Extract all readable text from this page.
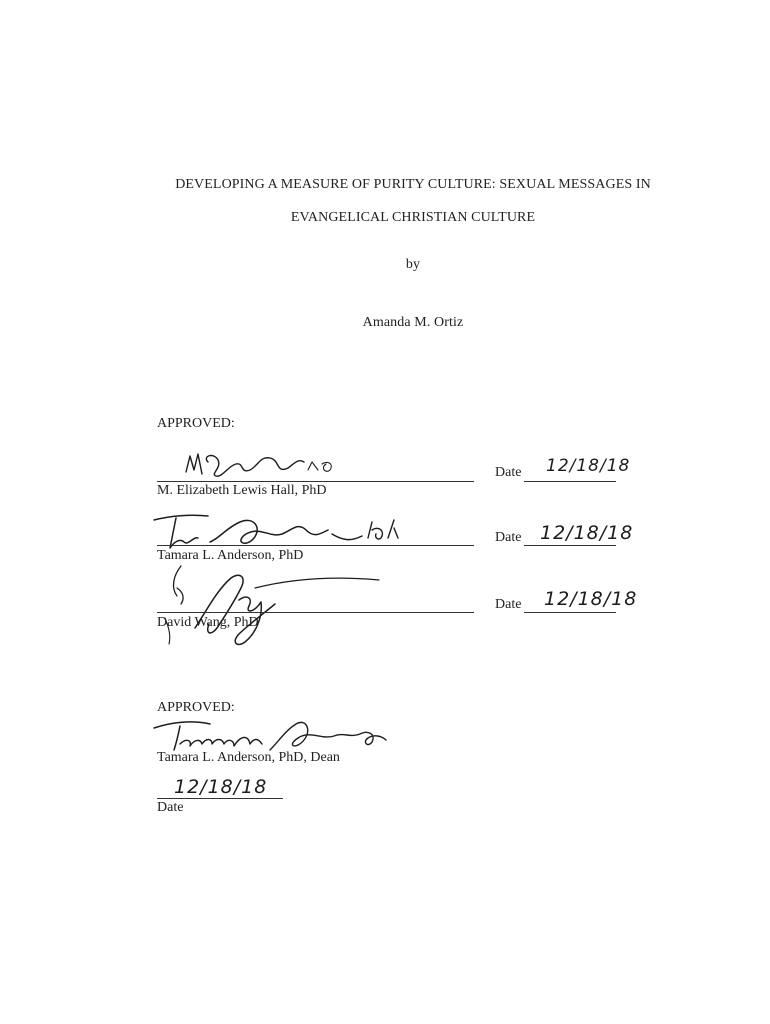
DEVELOPING A MEASURE OF PURITY CULTURE: SEXUAL MESSAGES IN
EVANGELICAL CHRISTIAN CULTURE
by
Amanda M. Ortiz
APPROVED:
M. Elizabeth Lewis Hall, PhD
Date 12/18/18
Tamara L. Anderson, PhD
Date 12/18/18
David Wang, PhD
Date 12/18/18
APPROVED:
Tamara L. Anderson, PhD, Dean
12/18/18
Date
